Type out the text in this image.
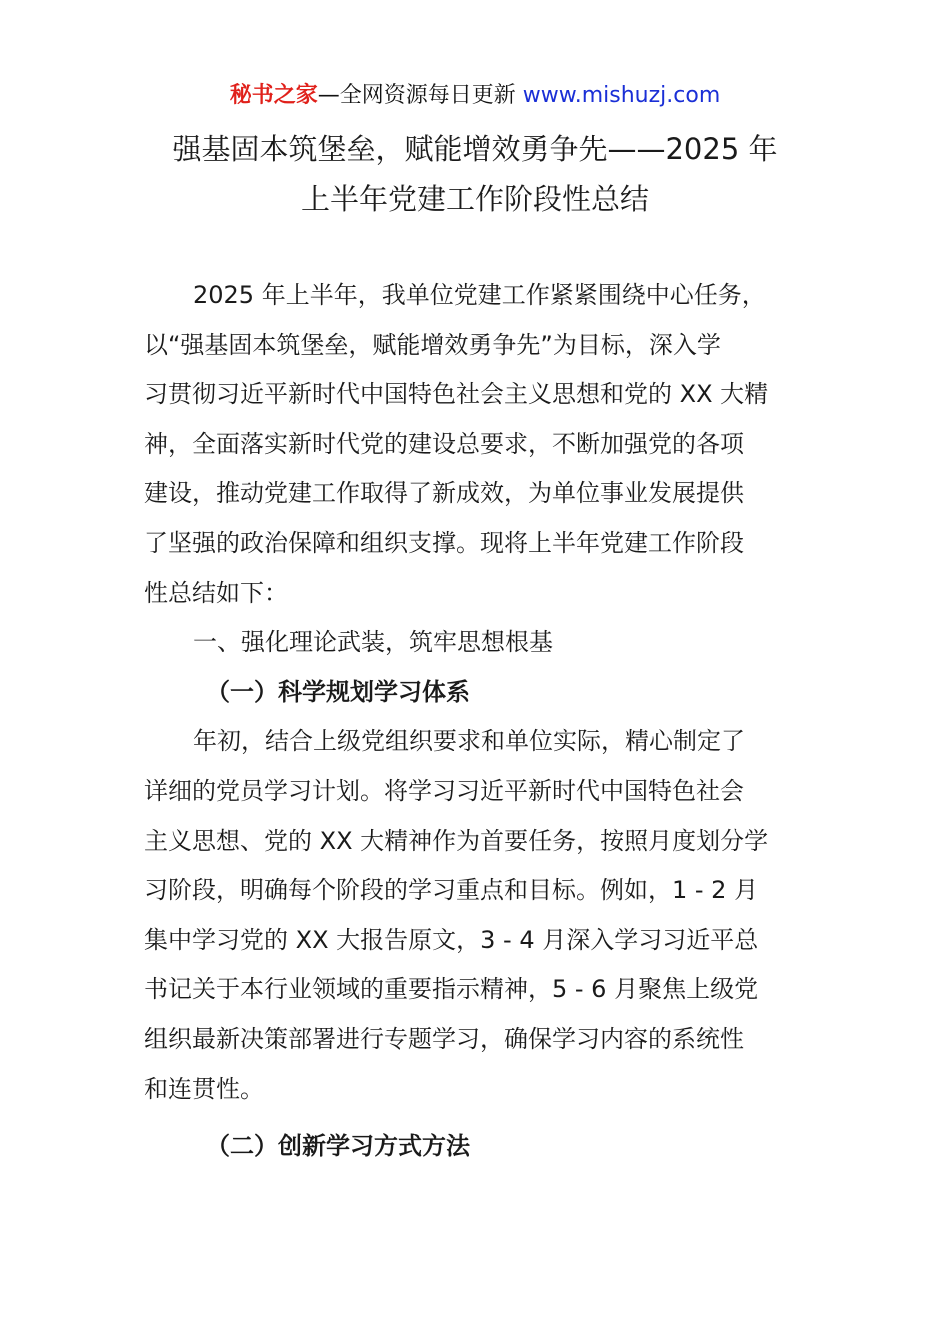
秘书之家—全网资源每日更新 www.mishuzj.com
强基固本筑堡垒，赋能增效勇争先——2025 年
上半年党建工作阶段性总结
2025 年上半年，我单位党建工作紧紧围绕中心任务，
以“强基固本筑堡垒，赋能增效勇争先”为目标，深入学
习贯彻习近平新时代中国特色社会主义思想和党的 XX 大精
神，全面落实新时代党的建设总要求，不断加强党的各项
建设，推动党建工作取得了新成效，为单位事业发展提供
了坚强的政治保障和组织支撑。现将上半年党建工作阶段
性总结如下：
一、强化理论武装，筑牢思想根基
（一）科学规划学习体系
年初，结合上级党组织要求和单位实际，精心制定了
详细的党员学习计划。将学习习近平新时代中国特色社会
主义思想、党的 XX 大精神作为首要任务，按照月度划分学
习阶段，明确每个阶段的学习重点和目标。例如，1 - 2 月
集中学习党的 XX 大报告原文，3 - 4 月深入学习习近平总
书记关于本行业领域的重要指示精神，5 - 6 月聚焦上级党
组织最新决策部署进行专题学习，确保学习内容的系统性
和连贯性。
（二）创新学习方式方法
